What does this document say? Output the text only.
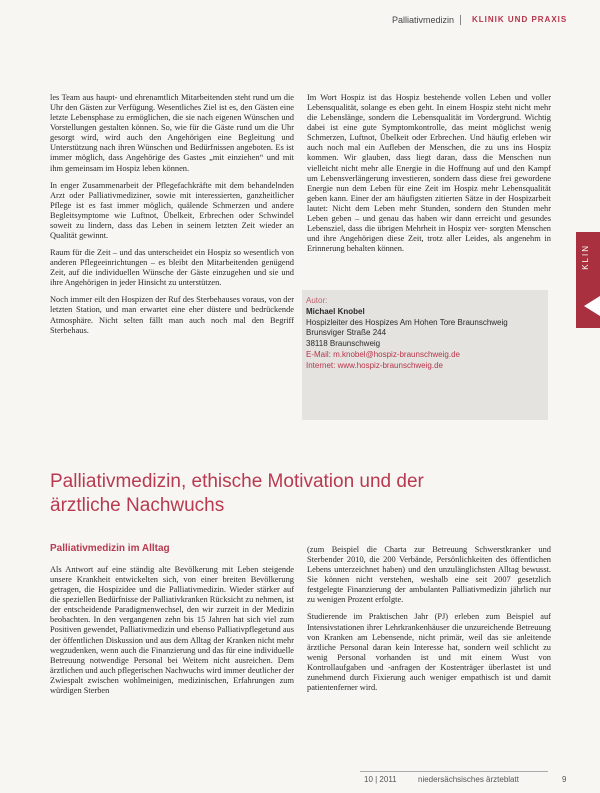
Palliativmedizin	KLINIK UND PRAXIS

les Team aus haupt- und ehrenamtlich Mitarbeitenden steht rund um die Uhr den Gästen zur Verfügung. Wesentliches Ziel ist es, den Gästen eine letzte Lebensphase zu ermöglichen, die sie nach eigenen Wünschen und Vorstellungen gestalten können. So, wie für die Gäste rund um die Uhr gesorgt wird, wird auch den Angehörigen eine Begleitung und Unterstützung nach ihren Wünschen und Bedürfnissen angeboten. Es ist immer möglich, dass Angehörige des Gastes „mit einziehen“ und mit ihm gemeinsam im Hospiz leben können.

In enger Zusammenarbeit der Pflegefachkräfte mit dem behandelnden Arzt oder Palliativmediziner, sowie mit interessierten, ganzheitlicher Pflege ist es fast immer möglich, quälende Schmerzen und andere Begleitsymptome wie Luftnot, Übelkeit, Erbrechen oder Schwindel soweit zu lindern, dass das Leben in seinem letzten Zeit wieder an Qualität gewinnt.

Raum für die Zeit – und das unterscheidet ein Hospiz so wesentlich von anderen Pflegeeinrichtungen – es bleibt den Mitarbeitenden genügend Zeit, auf die individuellen Wünsche der Gäste einzugehen und sie und ihre Angehörigen in jeder Hinsicht zu unterstützen.

Noch immer eilt den Hospizen der Ruf des Sterbehauses voraus, von der letzten Station, und man erwartet eine eher düstere und bedrückende Atmosphäre. Nicht selten fällt man auch noch mal den Begriff Sterbehaus.

Im Wort Hospiz ist das Hospiz bestehende vollen Leben und voller Lebensqualität, solange es eben geht. In einem Hospiz steht nicht mehr die Lebenslänge, sondern die Lebensqualität im Vordergrund. Wichtig dabei ist eine gute Symptomkontrolle, das meint möglichst wenig Schmerzen, Luftnot, Übelkeit oder Erbrechen. Und häufig erleben wir auch noch mal ein Aufleben der Menschen, die zu uns ins Hospiz kommen. Wir glauben, dass liegt daran, dass die Menschen nun vielleicht nicht mehr alle Energie in die Hoffnung auf und den Kampf um Lebensverlängerung investieren, sondern dass diese frei gewordene Energie nun dem Leben für eine Zeit im Hospiz mehr Lebensqualität geben kann. Einer der am häufigsten zitierten Sätze in der Hospizarbeit lautet: Nicht dem Leben mehr Stunden, sondern den Stunden mehr Leben geben – und genau das haben wir dann erreicht und gesundes Lebensziel, dass die übrigen Mehrheit in Hospiz ver- sorgten Menschen und ihre Angehörigen diese Zeit, trotz aller Leides, als angenehm in Erinnerung behalten können.

Autor:
Michael Knobel
Hospizleiter des Hospizes Am Hohen Tore Braunschweig
Brunsviger Straße 244
38118 Braunschweig
E-Mail: m.knobel@hospiz-braunschweig.de
Internet: www.hospiz-braunschweig.de
KLIN
Palliativmedizin, ethische Motivation und der
ärztliche Nachwuchs
Palliativmedizin im Alltag

Als Antwort auf eine ständig alte Bevölkerung mit Leben steigende unsere Krankheit entwickelten sich, von einer breiten Bevölkerung getragen, die Hospizidee und die Palliativmedizin. Wieder stärker auf die speziellen Bedürfnisse der Palliativkranken Rücksicht zu nehmen, ist der entscheidende Paradigmenwechsel, den wir zurzeit in der Medizin beobachten. In den vergangenen zehn bis 15 Jahren hat sich viel zum Positiven gewendet, Palliativmedizin und ebenso Palliativpflegetund aus der öffentlichen Diskussion und aus dem Alltag der Kranken nicht mehr wegzudenken, wenn auch die Finanzierung und das für eine individuelle Betreuung notwendige Personal bei Weitem nicht ausreichen. Dem ärztlichen und auch pflegerischen Nachwuchs wird immer deutlicher der Zwiespalt zwischen wohlmeinigen, medizinischen, Erfahrungen zum würdigen Sterben

(zum Beispiel die Charta zur Betreuung Schwerstkranker und Sterbender 2010, die 200 Verbände, Persönlichkeiten des öffentlichen Lebens unterzeichnet haben) und den unzulänglichsten Alltag bewusst. Sie können nicht verstehen, weshalb eine seit 2007 gesetzlich festgelegte Finanzierung der ambulanten Palliativmedizin jährlich nur zu wenigen Prozent erfolgte.

Studierende im Praktischen Jahr (PJ) erleben zum Beispiel auf Intensivstationen ihrer Lehrkrankenhäuser die unzureichende Betreuung von Kranken am Lebensende, nicht primär, weil das sie anleitende ärztliche Personal daran kein Interesse hat, sondern weil schlicht zu wenig Personal vorhanden ist und mit einem Wust von Kontrollaufgaben und -anfragen der Kostenträger überlastet ist und zunehmend durch Fixierung auch weniger empathisch ist und damit patientenferner wird.

10 | 2011	niedersächsisches ärzteblatt	9
